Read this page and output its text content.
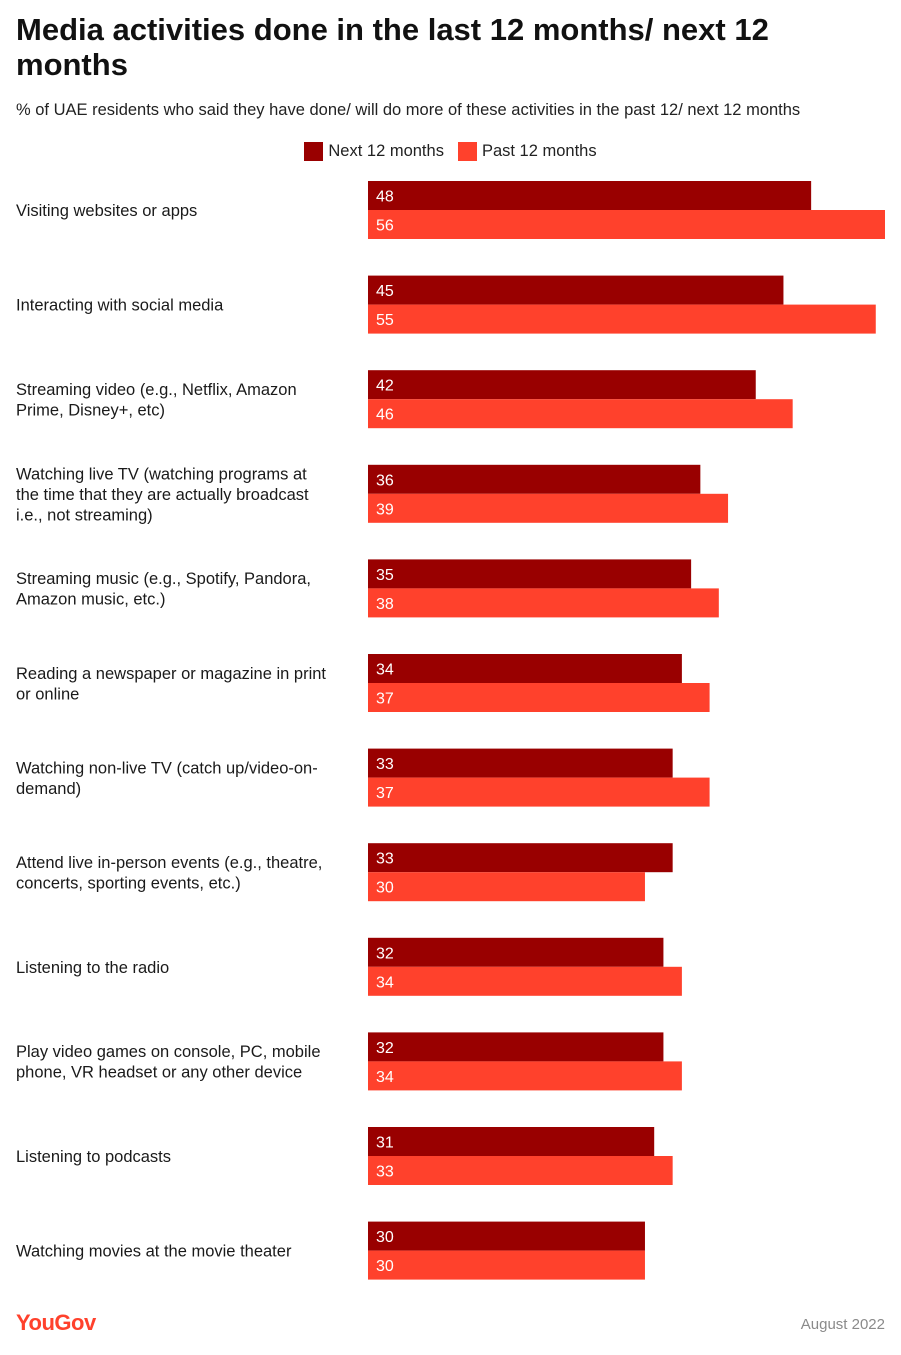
Media activities done in the last 12 months/ next 12 months
% of UAE residents who said they have done/ will do more of these activities in the past 12/ next 12 months
Next 12 months Past 12 months
Visiting websites or apps
48
56
Interacting with social media
45
55
Streaming video (e.g., Netflix, Amazon Prime, Disney+, etc)
42
46
Watching live TV (watching programs at the time that they are actually broadcast i.e., not streaming)
36
39
Streaming music (e.g., Spotify, Pandora, Amazon music, etc.)
35
38
Reading a newspaper or magazine in print or online
34
37
Watching non-live TV (catch up/video-on-demand)
33
37
Attend live in-person events (e.g., theatre, concerts, sporting events, etc.)
33
30
Listening to the radio
32
34
Play video games on console, PC, mobile phone, VR headset or any other device
32
34
Listening to podcasts
31
33
Watching movies at the movie theater
30
30
YouGov	August 2022
